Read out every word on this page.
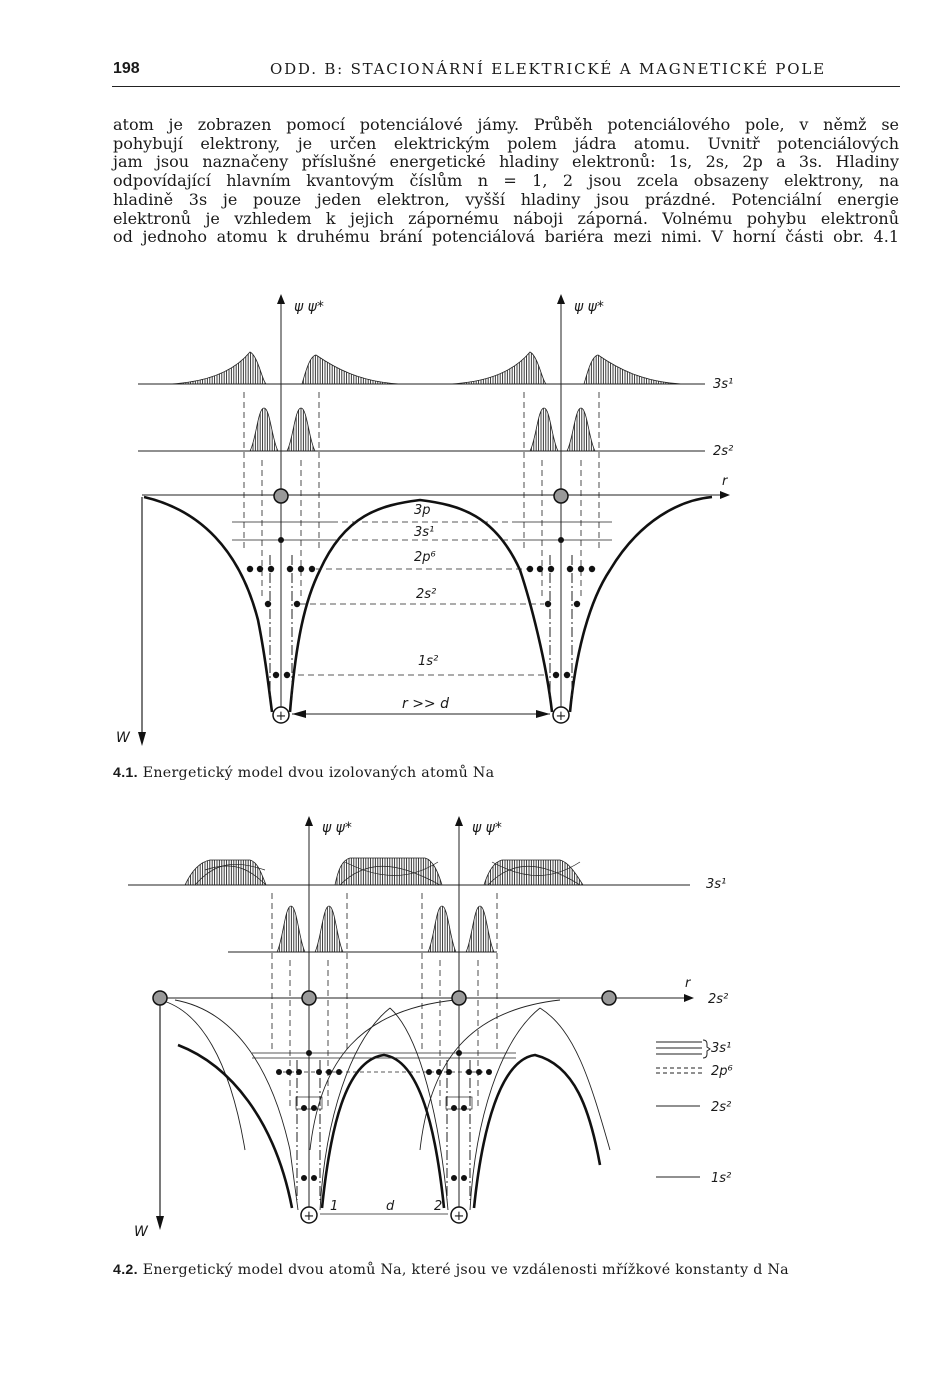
198	ODD. B: STACIONÁRNÍ ELEKTRICKÉ A MAGNETICKÉ POLE
atom je zobrazen pomocí potenciálové jámy. Průběh potenciálového pole, v němž se
pohybují elektrony, je určen elektrickým polem jádra atomu. Uvnitř potenciálových
jam jsou naznačeny příslušné energetické hladiny elektronů: 1s, 2s, 2p a 3s. Hladiny
odpovídající hlavním kvantovým číslům n = 1, 2 jsou zcela obsazeny elektrony, na
hladině 3s je pouze jeden elektron, vyšší hladiny jsou prázdné. Potenciální energie
elektronů je vzhledem k jejich zápornému náboji záporná. Volnému pohybu elektronů
od jednoho atomu k druhému brání potenciálová bariéra mezi nimi. V horní části obr. 4.1
3s¹
2s²
ψ ψ*	ψ ψ*
r
W
3p
3s¹
2p⁶
2s²
1s²
r >> d
+	+
4.1. Energetický model dvou izolovaných atomů Na
3s¹
ψ ψ*	ψ ψ*
r
2s²
W
1	2
d
+	+
3s¹
2p⁶
2s²
1s²
4.2. Energetický model dvou atomů Na, které jsou ve vzdálenosti mřížkové konstanty d Na
